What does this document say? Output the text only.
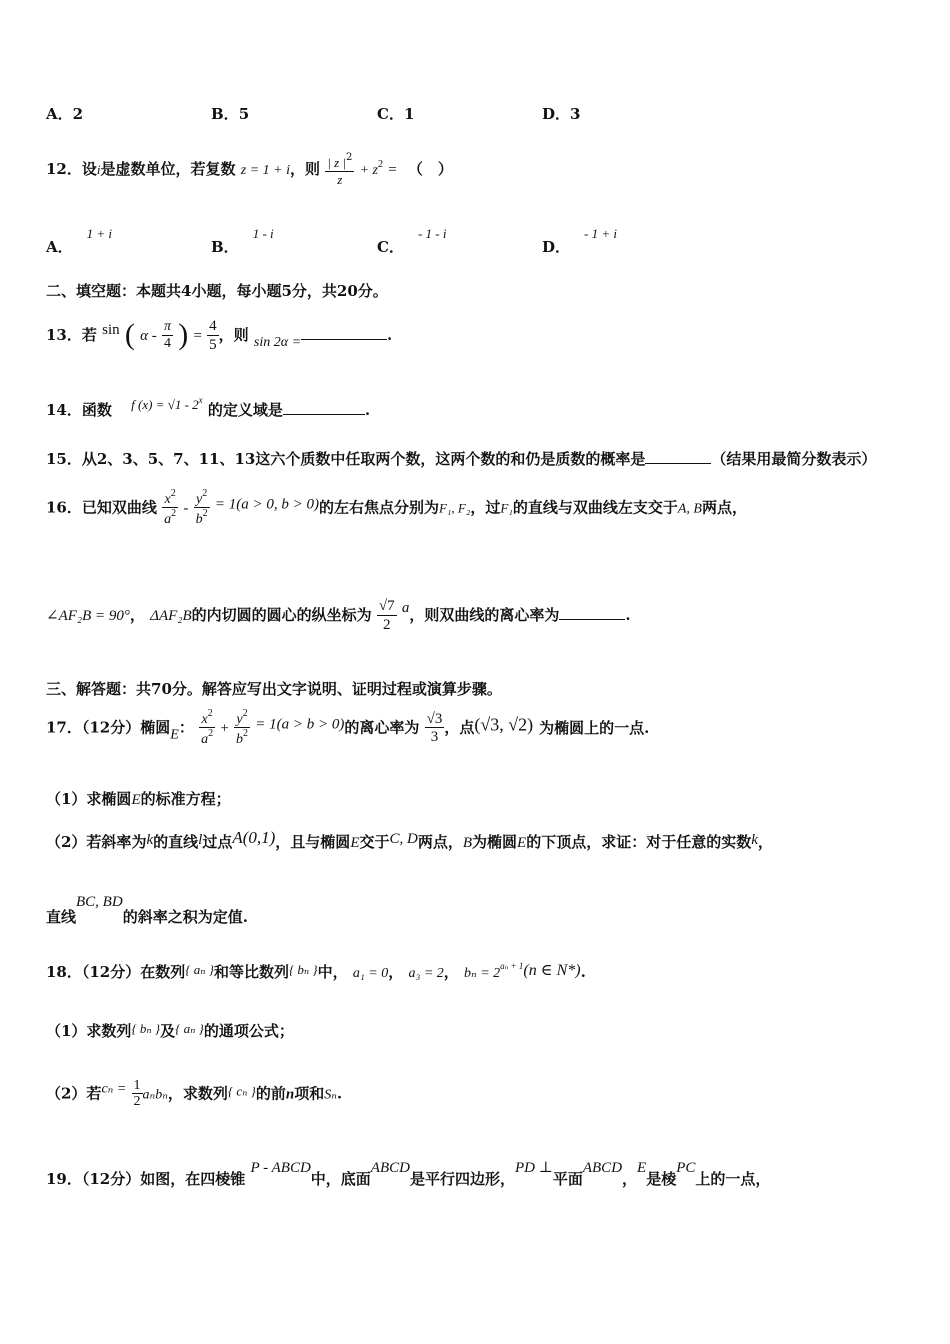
A．2	B．5	C．1	D．3
12．设i是虚数单位，若复数 z = 1 + i，则 $\frac{| z |^2}{z} + z^2$ = （　）
A．1 + i
B．1 - i
C．- 1 - i
D．- 1 + i
二、填空题：本题共4小题，每小题5分，共20分。
13．若 sin ( α - $\frac{\pi}{4}$ ) = $\frac{4}{5}$ ，则 sin 2α =	.
14．函数 f (x) = √1 - 2$^x$ 的定义域是	.
15．从2、3、5、7、11、13这六个质数中任取两个数，这两个数的和仍是质数的概率是	（结果用最简分数表示）
16．已知双曲线 $\frac{x^2}{a^2} - \frac{y^2}{b^2} = 1(a > 0$, b > 0)的左右焦点分别为F₁, F₂，过F₁的直线与双曲线左支交于A, B两点，
∠AF₂B = 90°， ΔAF₂B的内切圆的圆心的纵坐标为 $\frac{√7}{2}$ a，则双曲线的离心率为	.
三、解答题：共70分。解答应写出文字说明、证明过程或演算步骤。
17．（12分）椭圆E： $\frac{x^2}{a^2} + \frac{y^2}{b^2} = 1(a > b > 0)$的离心率为 $\frac{√3}{3}$ ，点(√3, √2) 为椭圆上的一点.
（1）求椭圆E的标准方程；
（2）若斜率为k的直线l过点A(0,1)，且与椭圆E交于C, D两点，B为椭圆E的下顶点，求证：对于任意的实数k，
直线BC, BD的斜率之积为定值.
18．（12分）在数列{ aₙ }和等比数列{ bₙ }中， a₁ = 0， a₃ = 2， $b_n = 2^{a_n + 1}(n$ ∈ N*).
（1）求数列{ bₙ }及{ aₙ }的通项公式；
（2）若$c_n = \frac{1}{2}$ aₙbₙ，求数列{ cₙ }的前n项和Sₙ.
19．（12分）如图，在四棱锥 P - ABCD中，底面ABCD是平行四边形，PD ⊥平面ABCD，E是棱PC上的一点，
